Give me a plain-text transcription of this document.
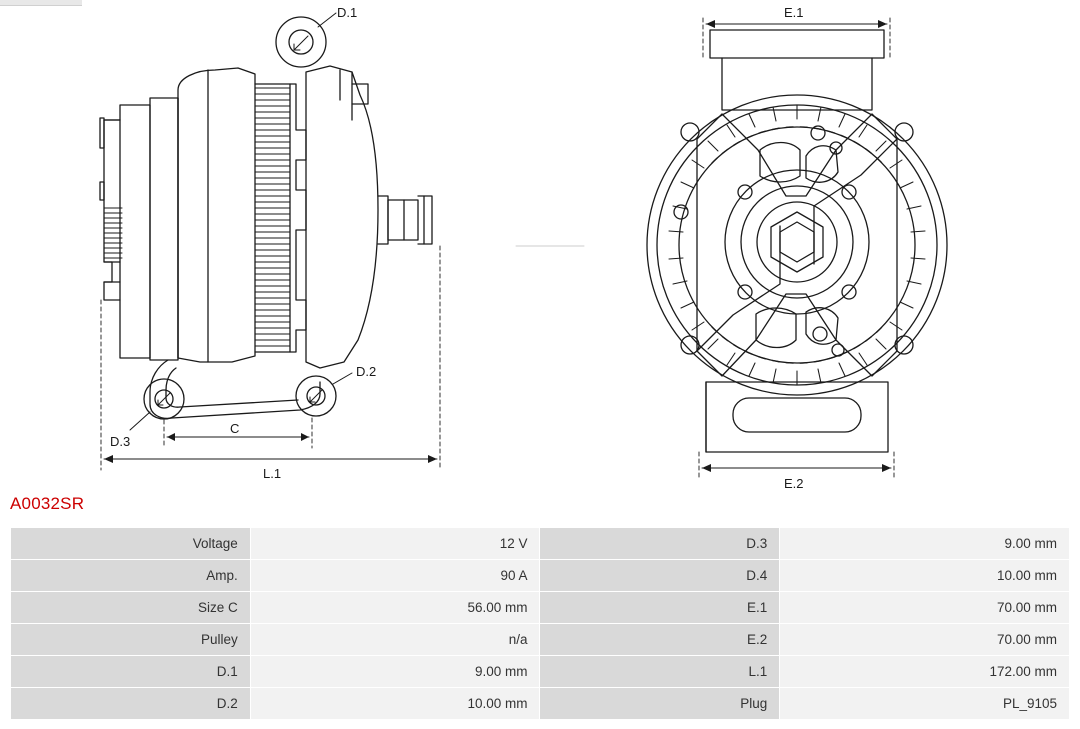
D.1
D.2
D.3
C
L.1
E.1
E.2
A0032SR
Voltage	12 V	D.3	9.00 mm
Amp.	90 A	D.4	10.00 mm
Size C	56.00 mm	E.1	70.00 mm
Pulley	n/a	E.2	70.00 mm
D.1	9.00 mm	L.1	172.00 mm
D.2	10.00 mm	Plug	PL_9105
